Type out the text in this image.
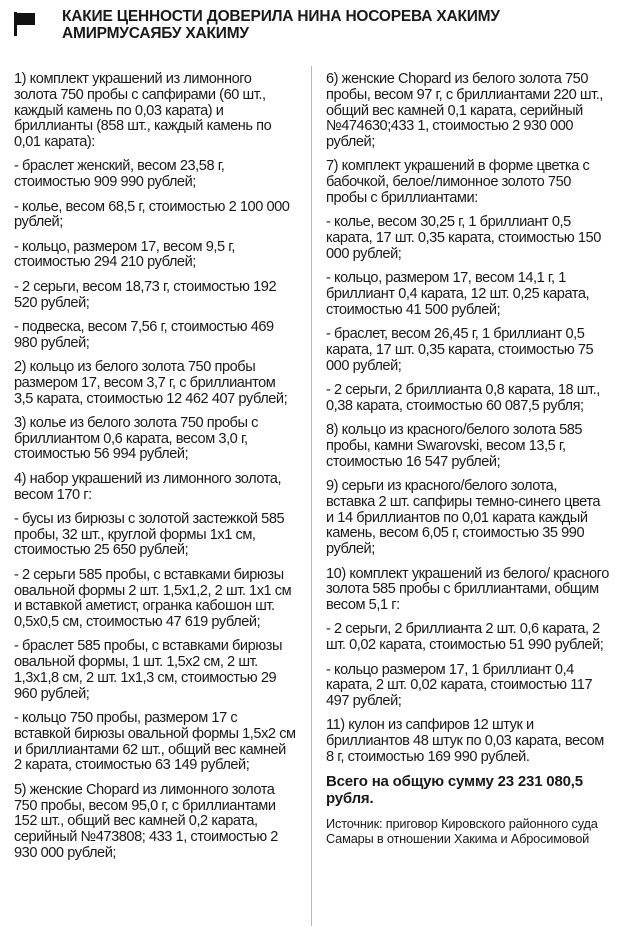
КАКИЕ ЦЕННОСТИ ДОВЕРИЛА НИНА НОСОРЕВА ХАКИМУ АМИРМУСАЯБУ ХАКИМУ

1) комплект украшений из лимонного золота 750 пробы с сапфирами (60 шт., каждый камень по 0,03 карата) и бриллианты (858 шт., каждый камень по 0,01 карата):

- браслет женский, весом 23,58 г, стоимостью 909 990 рублей;

- колье, весом 68,5 г, стоимостью 2 100 000 рублей;

- кольцо, размером 17, весом 9,5 г, стоимостью 294 210 рублей;

- 2 серьги, весом 18,73 г, стоимостью 192 520 рублей;

- подвеска, весом 7,56 г, стоимостью 469 980 рублей;

2) кольцо из белого золота 750 пробы размером 17, весом 3,7 г, с бриллиантом 3,5 карата, стоимостью 12 462 407 рублей;

3) колье из белого золота 750 пробы с бриллиантом 0,6 карата, весом 3,0 г, стоимостью 56 994 рублей;

4) набор украшений из лимонного золота, весом 170 г:

- бусы из бирюзы с золотой застежкой 585 пробы, 32 шт., круглой формы 1х1 см, стоимостью 25 650 рублей;

- 2 серьги 585 пробы, с вставками бирюзы овальной формы 2 шт. 1,5х1,2, 2 шт. 1х1 см и вставкой аметист, огранка кабошон шт. 0,5х0,5 см, стоимостью 47 619 рублей;

- браслет 585 пробы, с вставками бирюзы овальной формы, 1 шт. 1,5х2 см, 2 шт. 1,3х1,8 см, 2 шт. 1х1,3 см, стоимостью 29 960 рублей;

- кольцо 750 пробы, размером 17 с вставкой бирюзы овальной формы 1,5х2 см и бриллиантами 62 шт., общий вес камней 2 карата, стоимостью 63 149 рублей;

5) женские Chopard из лимонного золота 750 пробы, весом 95,0 г, с бриллиантами 152 шт., общий вес камней 0,2 карата, серийный №473808; 433 1, стоимостью 2 930 000 рублей;

6) женские Chopard из белого золота 750 пробы, весом 97 г, с бриллиантами 220 шт., общий вес камней 0,1 карата, серийный №474630;433 1, стоимостью 2 930 000 рублей;

7) комплект украшений в форме цветка с бабочкой, белое/лимонное золото 750 пробы с бриллиантами:

- колье, весом 30,25 г, 1 бриллиант 0,5 карата, 17 шт. 0,35 карата, стоимостью 150 000 рублей;

- кольцо, размером 17, весом 14,1 г, 1 бриллиант 0,4 карата, 12 шт. 0,25 карата, стоимостью 41 500 рублей;

- браслет, весом 26,45 г, 1 бриллиант 0,5 карата, 17 шт. 0,35 карата, стоимостью 75 000 рублей;

- 2 серьги, 2 бриллианта 0,8 карата, 18 шт., 0,38 карата, стоимостью 60 087,5 рубля;

8) кольцо из красного/белого золота 585 пробы, камни Swarovski, весом 13,5 г, стоимостью 16 547 рублей;

9) серьги из красного/белого золота, вставка 2 шт. сапфиры темно-синего цвета и 14 бриллиантов по 0,01 карата каждый камень, весом 6,05 г, стоимостью 35 990 рублей;

10) комплект украшений из белого/ красного золота 585 пробы с бриллиантами, общим весом 5,1 г:

- 2 серьги, 2 бриллианта 2 шт. 0,6 карата, 2 шт. 0,02 карата, стоимостью 51 990 рублей;

- кольцо размером 17, 1 бриллиант 0,4 карата, 2 шт. 0,02 карата, стоимостью 117 497 рублей;

11) кулон из сапфиров 12 штук и бриллиантов 48 штук по 0,03 карата, весом 8 г, стоимостью 169 990 рублей.

Всего на общую сумму 23 231 080,5 рубля.

Источник: приговор Кировского районного суда Самары в отношении Хакима и Абросимовой
